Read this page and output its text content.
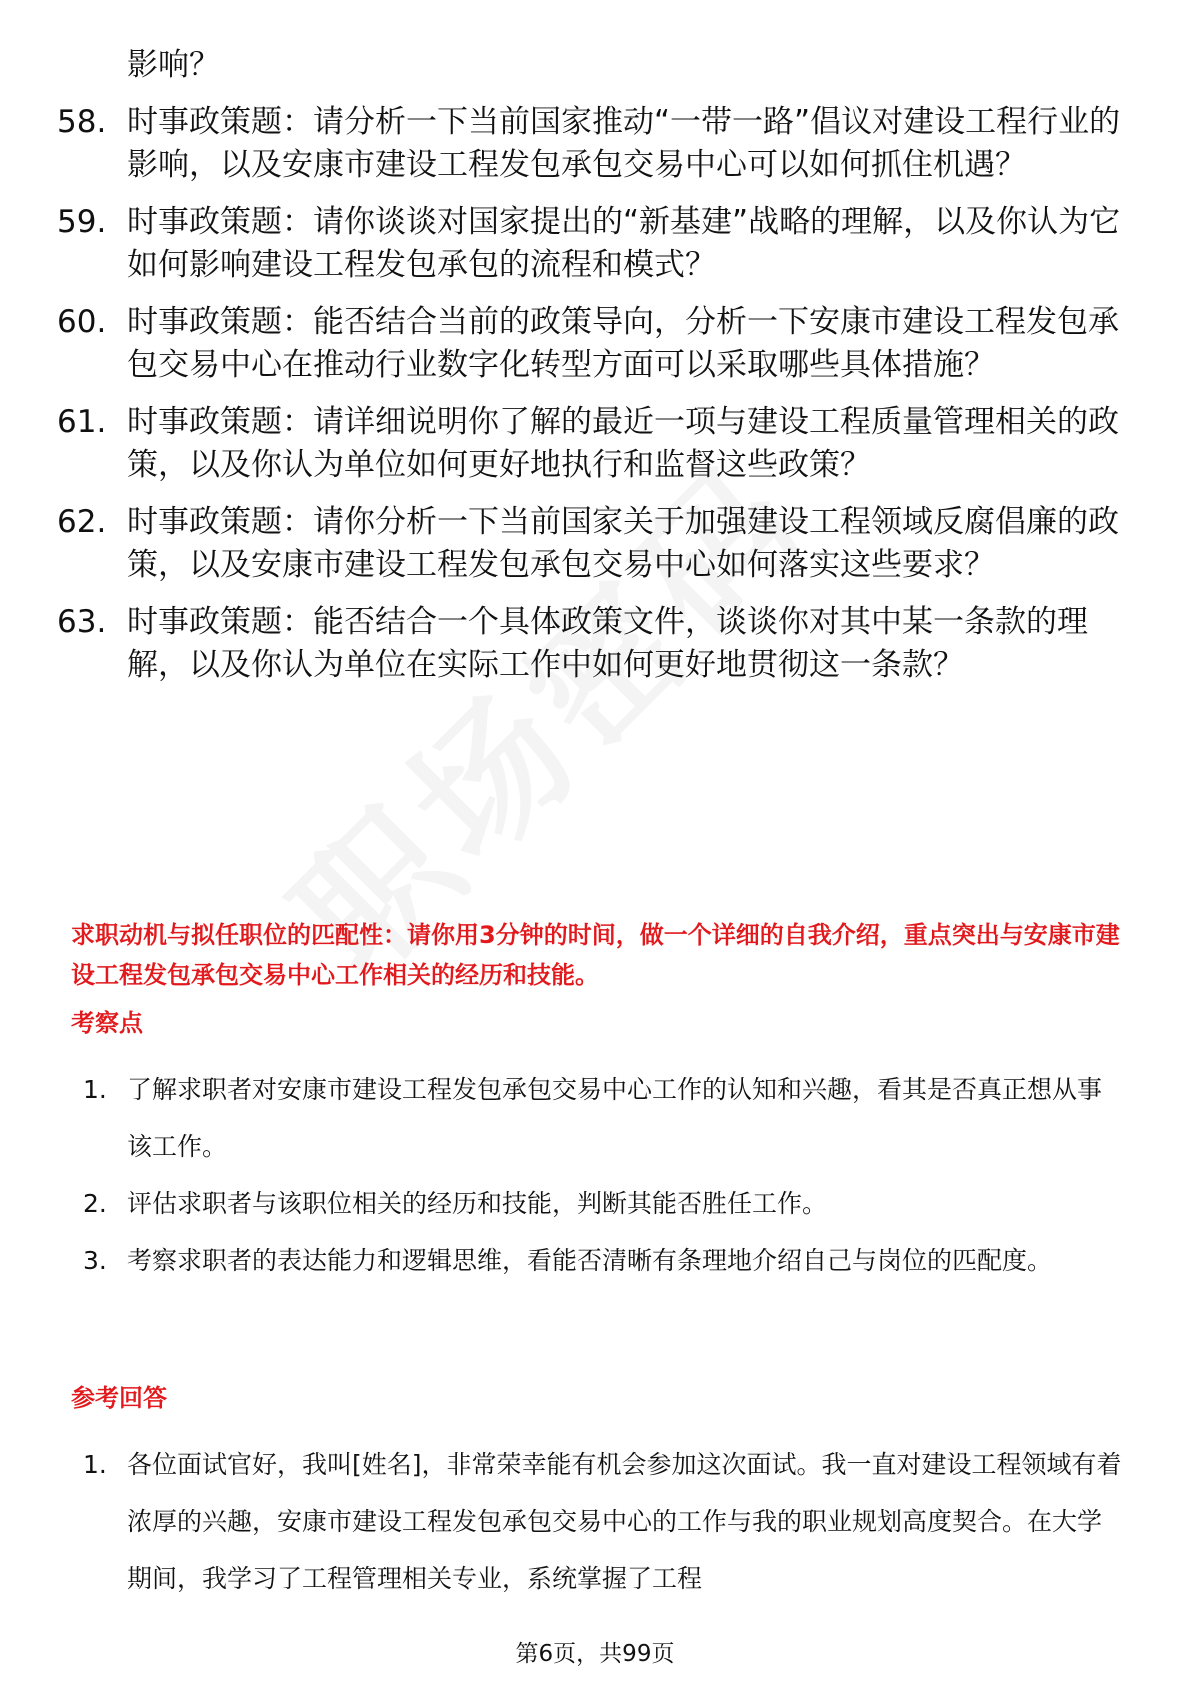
影响？
58. 时事政策题：请分析一下当前国家推动“一带一路”倡议对建设工程行业的影响，以及安康市建设工程发包承包交易中心可以如何抓住机遇？
59. 时事政策题：请你谈谈对国家提出的“新基建”战略的理解，以及你认为它如何影响建设工程发包承包的流程和模式？
60. 时事政策题：能否结合当前的政策导向，分析一下安康市建设工程发包承包交易中心在推动行业数字化转型方面可以采取哪些具体措施？
61. 时事政策题：请详细说明你了解的最近一项与建设工程质量管理相关的政策，以及你认为单位如何更好地执行和监督这些政策？
62. 时事政策题：请你分析一下当前国家关于加强建设工程领域反腐倡廉的政策，以及安康市建设工程发包承包交易中心如何落实这些要求？
63. 时事政策题：能否结合一个具体政策文件，谈谈你对其中某一条款的理解，以及你认为单位在实际工作中如何更好地贯彻这一条款？
求职动机与拟任职位的匹配性：请你用3分钟的时间，做一个详细的自我介绍，重点突出与安康市建设工程发包承包交易中心工作相关的经历和技能。
考察点
1. 了解求职者对安康市建设工程发包承包交易中心工作的认知和兴趣，看其是否真正想从事该工作。
2. 评估求职者与该职位相关的经历和技能，判断其能否胜任工作。
3. 考察求职者的表达能力和逻辑思维，看能否清晰有条理地介绍自己与岗位的匹配度。
参考回答
1. 各位面试官好，我叫[姓名]，非常荣幸能有机会参加这次面试。我一直对建设工程领域有着浓厚的兴趣，安康市建设工程发包承包交易中心的工作与我的职业规划高度契合。在大学期间，我学习了工程管理相关专业，系统掌握了工程
第6页，共99页
